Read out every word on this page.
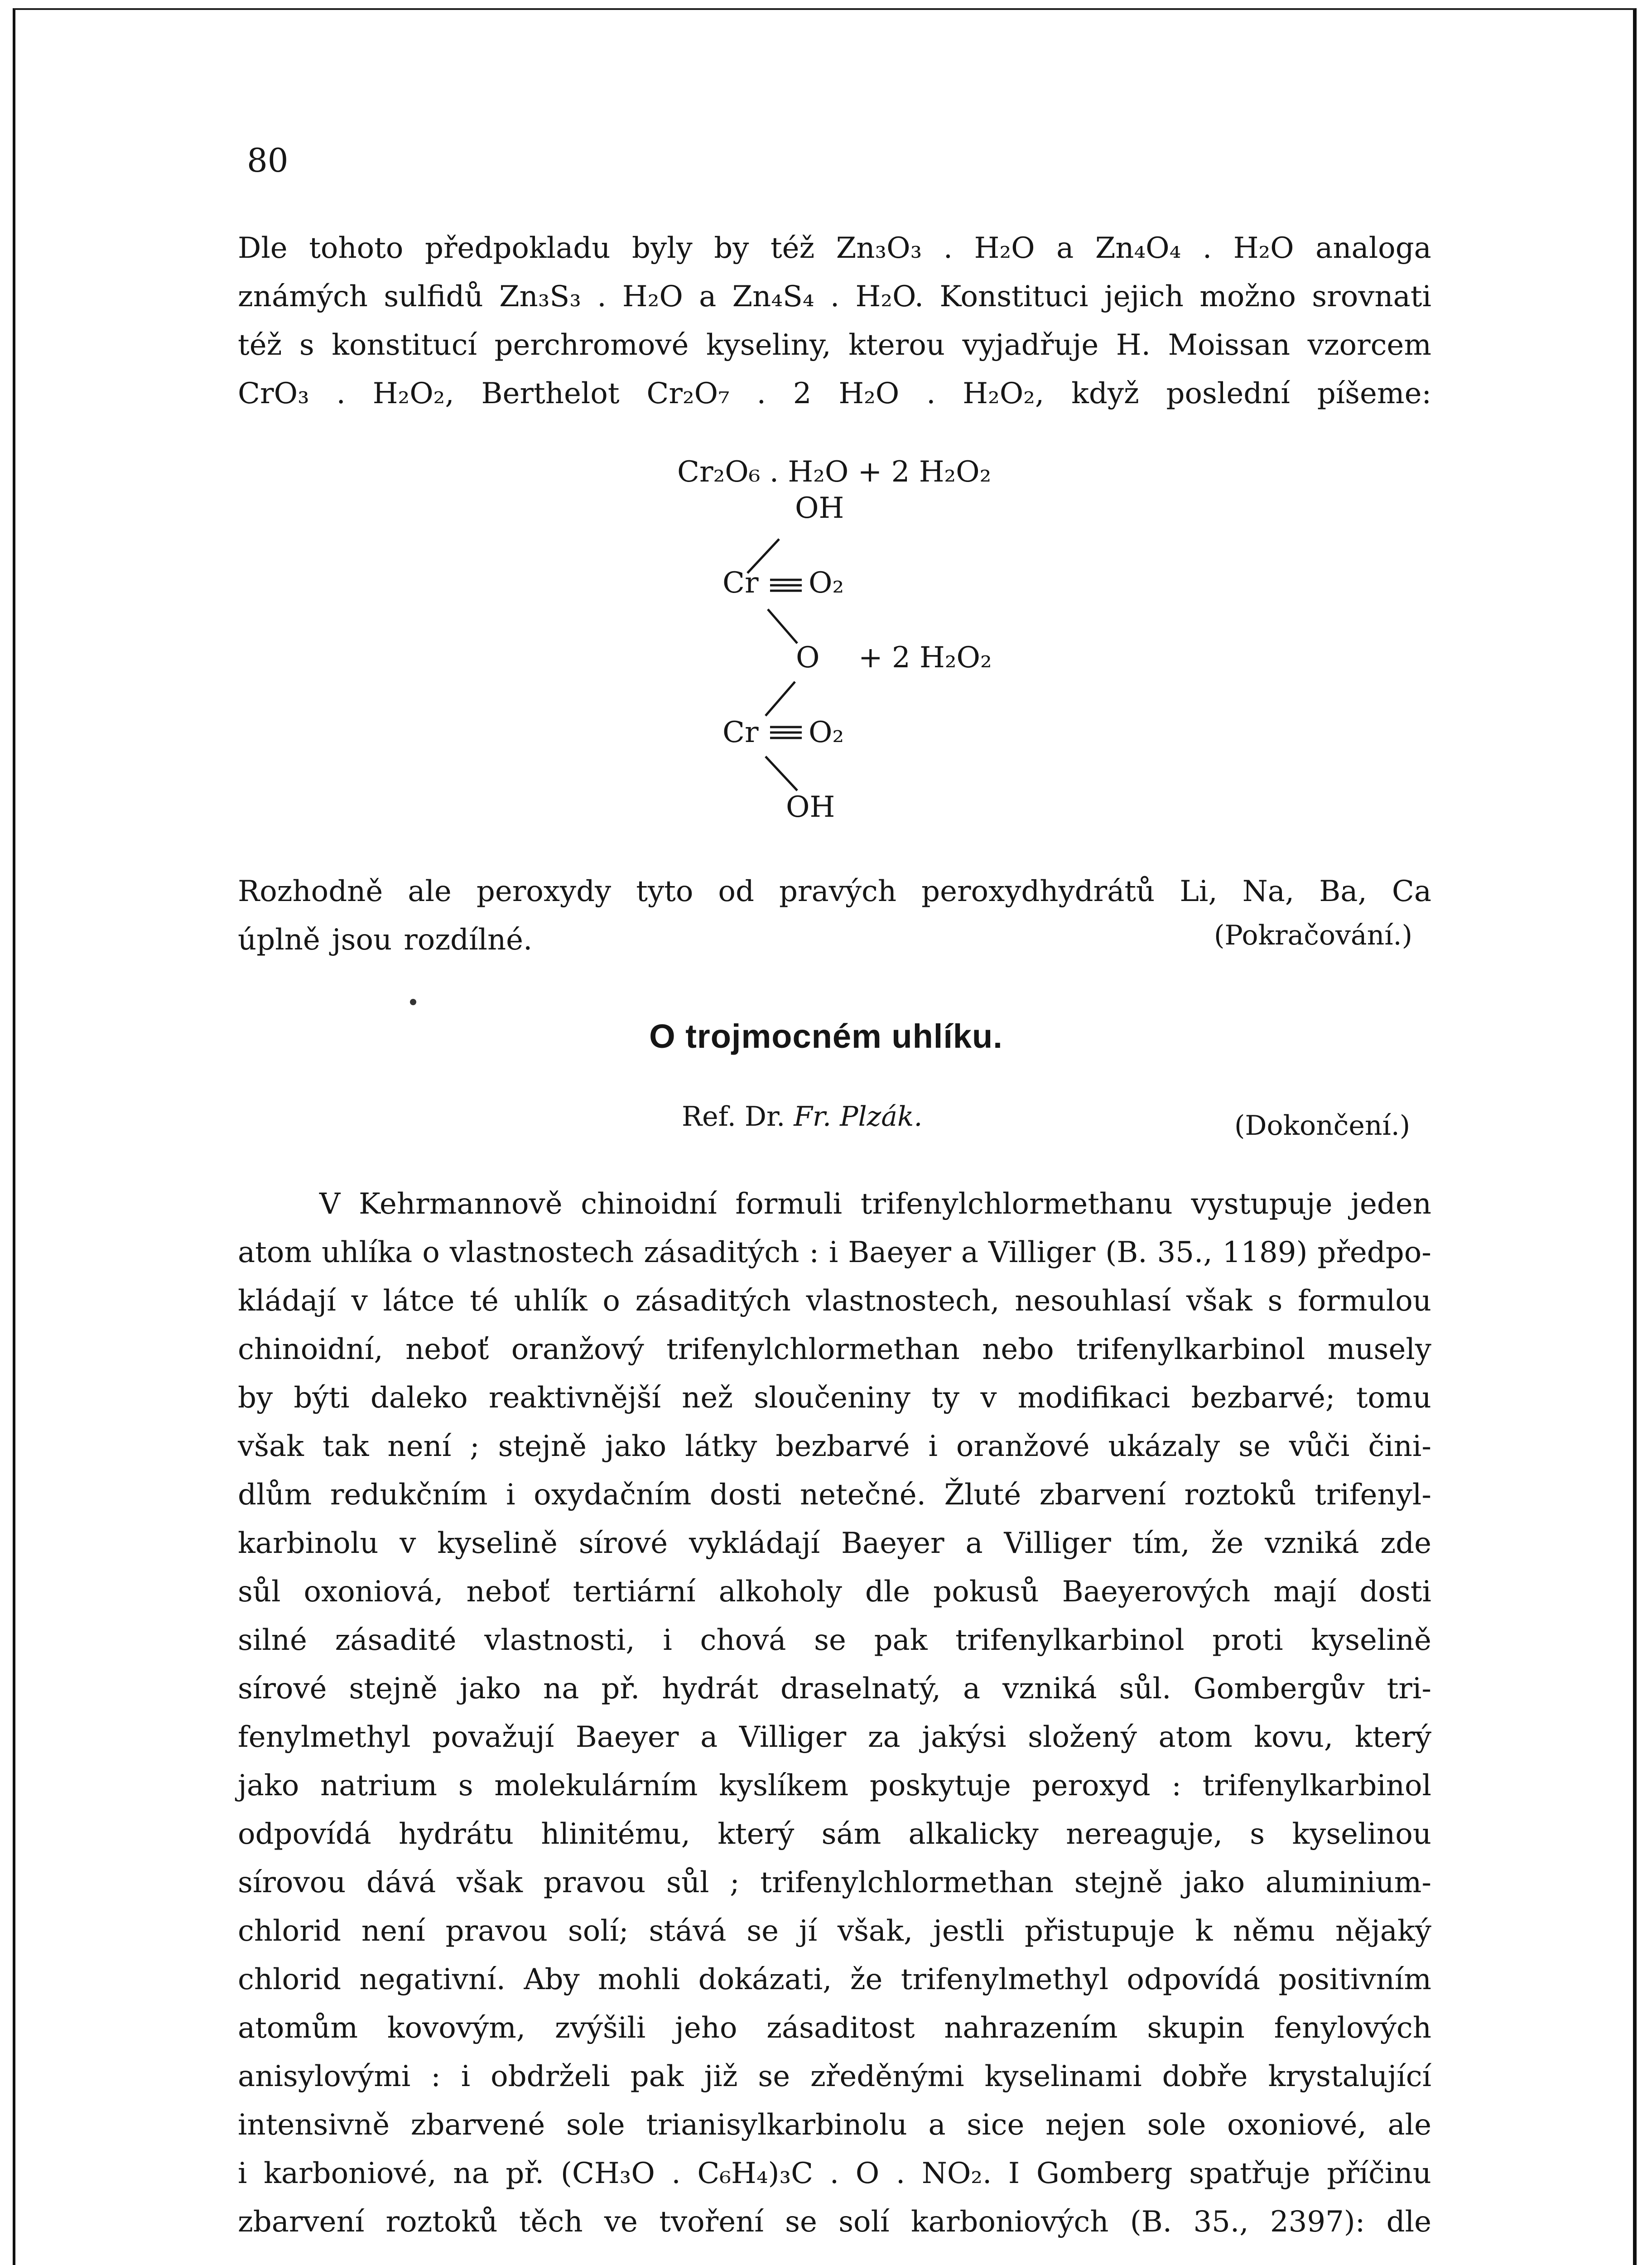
80
Dle tohoto předpokladu byly by též Zn₃O₃ . H₂O a Zn₄O₄ . H₂O analoga
známých sulfidů Zn₃S₃ . H₂O a Zn₄S₄ . H₂O. Konstituci jejich možno srovnati
též s konstitucí perchromové kyseliny, kterou vyjadřuje H. Moissan vzorcem
CrO₃ . H₂O₂, Berthelot Cr₂O₇ . 2 H₂O . H₂O₂, když poslední píšeme:
Cr₂O₆ . H₂O + 2 H₂O₂
OH
Cr O₂
O + 2 H₂O₂
Cr O₂
OH
Rozhodně ale peroxydy tyto od pravých peroxydhydrátů Li, Na, Ba, Ca
úplně jsou rozdílné.	(Pokračování.)
O trojmocném uhlíku.
Ref. Dr. Fr. Plzák.	(Dokončení.)
V Kehrmannově chinoidní formuli trifenylchlormethanu vystupuje jeden
atom uhlíka o vlastnostech zásaditých : i Baeyer a Villiger (B. 35., 1189) předpo-
kládají v látce té uhlík o zásaditých vlastnostech, nesouhlasí však s formulou
chinoidní, neboť oranžový trifenylchlormethan nebo trifenylkarbinol musely
by býti daleko reaktivnější než sloučeniny ty v modifikaci bezbarvé; tomu
však tak není ; stejně jako látky bezbarvé i oranžové ukázaly se vůči čini-
dlům redukčním i oxydačním dosti netečné. Žluté zbarvení roztoků trifenyl-
karbinolu v kyselině sírové vykládají Baeyer a Villiger tím, že vzniká zde
sůl oxoniová, neboť tertiární alkoholy dle pokusů Baeyerových mají dosti
silné zásadité vlastnosti, i chová se pak trifenylkarbinol proti kyselině
sírové stejně jako na př. hydrát draselnatý, a vzniká sůl. Gombergův tri-
fenylmethyl považují Baeyer a Villiger za jakýsi složený atom kovu, který
jako natrium s molekulárním kyslíkem poskytuje peroxyd : trifenylkarbinol
odpovídá hydrátu hlinitému, který sám alkalicky nereaguje, s kyselinou
sírovou dává však pravou sůl ; trifenylchlormethan stejně jako aluminium-
chlorid není pravou solí; stává se jí však, jestli přistupuje k němu nějaký
chlorid negativní. Aby mohli dokázati, že trifenylmethyl odpovídá positivním
atomům kovovým, zvýšili jeho zásaditost nahrazením skupin fenylových
anisylovými : i obdrželi pak již se zředěnými kyselinami dobře krystalující
intensivně zbarvené sole trianisylkarbinolu a sice nejen sole oxoniové, ale
i karboniové, na př. (CH₃O . C₆H₄)₃C . O . NO₂. I Gomberg spatřuje příčinu
zbarvení roztoků těch ve tvoření se solí karboniových (B. 35., 2397): dle
